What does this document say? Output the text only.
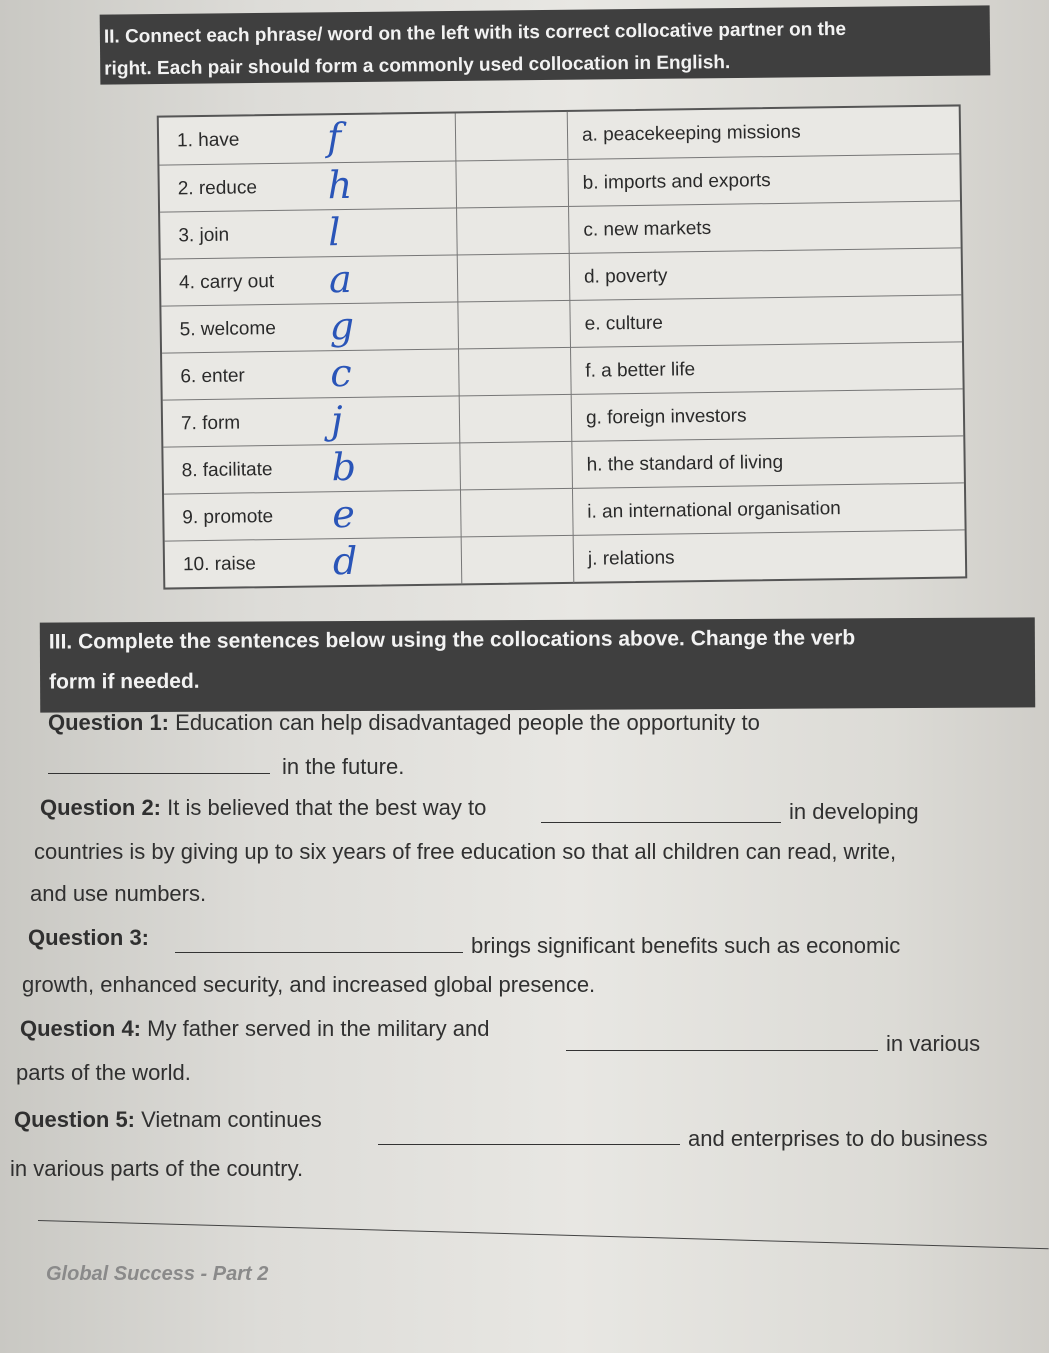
II. Connect each phrase/ word on the left with its correct collocative partner on the
right. Each pair should form a commonly used collocation in English.
1. have	f	a. peacekeeping missions
2. reduce	h	b. imports and exports
3. join	l	c. new markets
4. carry out	a	d. poverty
5. welcome	g	e. culture
6. enter	c	f. a better life
7. form	j	g. foreign investors
8. facilitate	b	h. the standard of living
9. promote	e	i. an international organisation
10. raise	d	j. relations
III. Complete the sentences below using the collocations above. Change the verb
form if needed.
Question 1: Education can help disadvantaged people the opportunity to
in the future.
Question 2: It is believed that the best way to	in developing
countries is by giving up to six years of free education so that all children can read, write,
and use numbers.
Question 3:	brings significant benefits such as economic
growth, enhanced security, and increased global presence.
Question 4: My father served in the military and
in various
parts of the world.
Question 5: Vietnam continues
and enterprises to do business
in various parts of the country.
Global Success - Part 2
